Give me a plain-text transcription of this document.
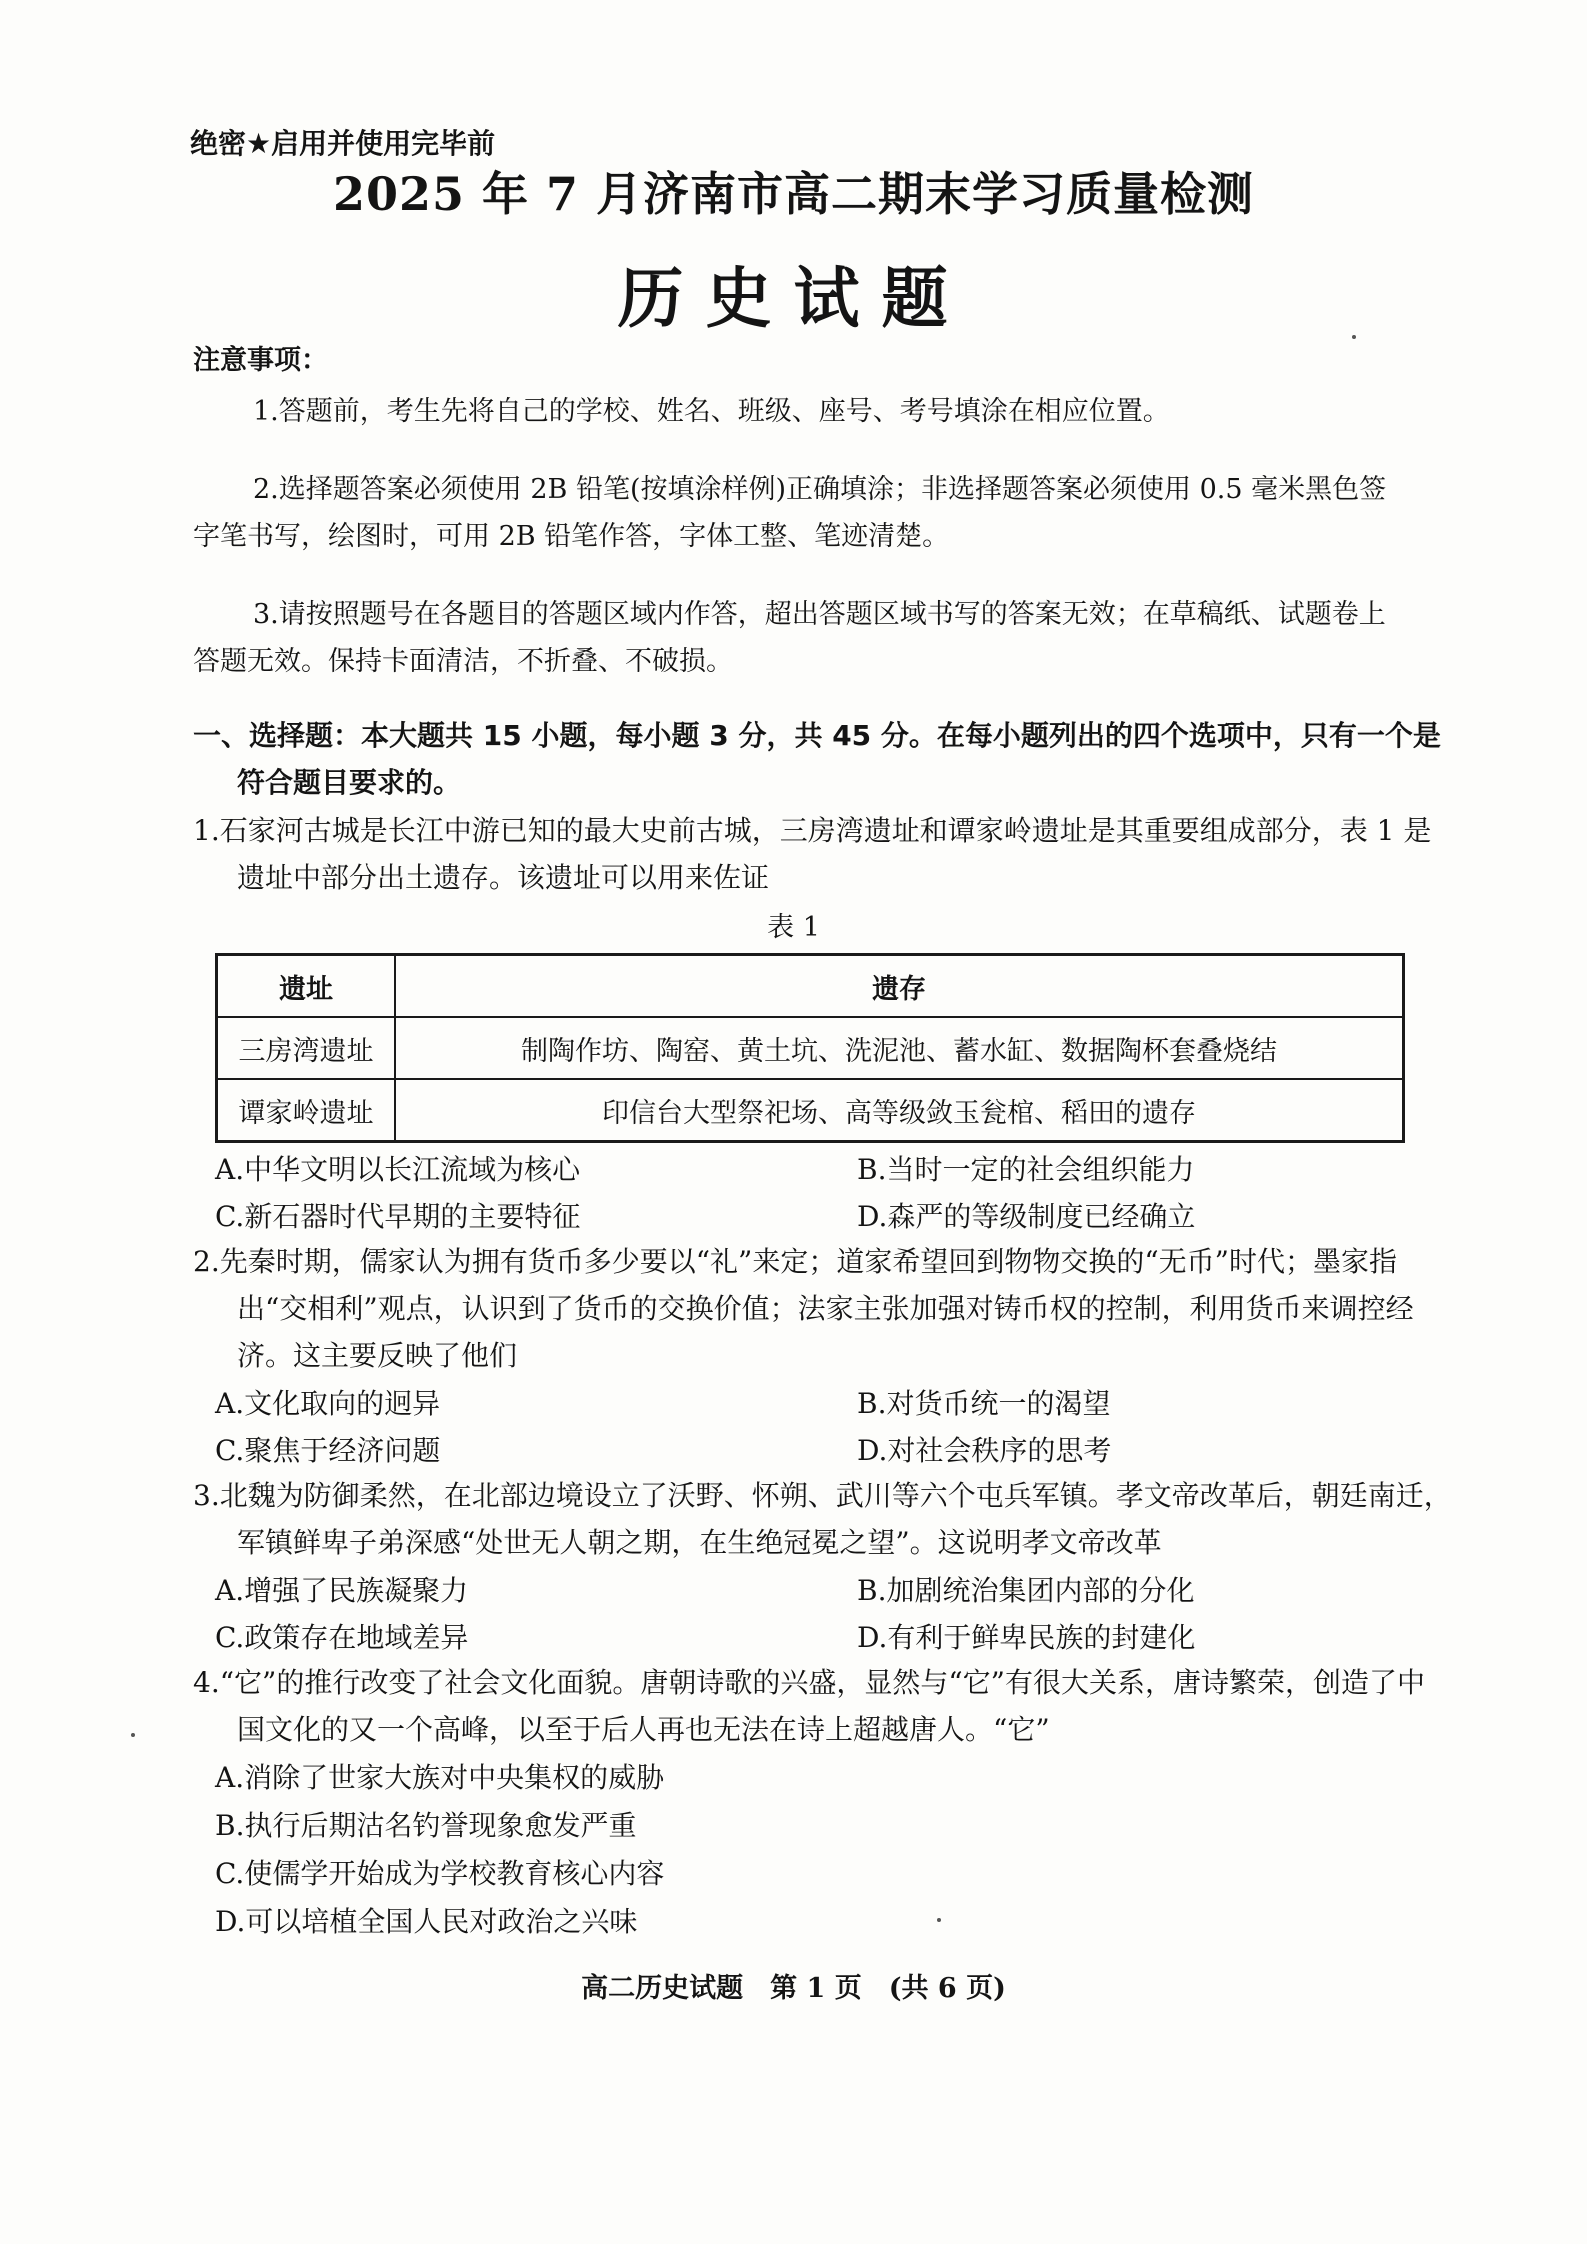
绝密★启用并使用完毕前
2025 年 7 月济南市高二期末学习质量检测
历史试题
注意事项：
1.答题前，考生先将自己的学校、姓名、班级、座号、考号填涂在相应位置。
2.选择题答案必须使用 2B 铅笔(按填涂样例)正确填涂；非选择题答案必须使用 0.5 毫米黑色签字笔书写，绘图时，可用 2B 铅笔作答，字体工整、笔迹清楚。
3.请按照题号在各题目的答题区域内作答，超出答题区域书写的答案无效；在草稿纸、试题卷上答题无效。保持卡面清洁，不折叠、不破损。
一、选择题：本大题共 15 小题，每小题 3 分，共 45 分。在每小题列出的四个选项中，只有一个是符合题目要求的。
1.石家河古城是长江中游已知的最大史前古城，三房湾遗址和谭家岭遗址是其重要组成部分，表 1 是遗址中部分出土遗存。该遗址可以用来佐证
表 1
遗址	遗存
三房湾遗址	制陶作坊、陶窑、黄土坑、洗泥池、蓄水缸、数据陶杯套叠烧结
谭家岭遗址	印信台大型祭祀场、高等级敛玉瓮棺、稻田的遗存
A.中华文明以长江流域为核心	B.当时一定的社会组织能力
C.新石器时代早期的主要特征	D.森严的等级制度已经确立
2.先秦时期，儒家认为拥有货币多少要以“礼”来定；道家希望回到物物交换的“无币”时代；墨家指出“交相利”观点，认识到了货币的交换价值；法家主张加强对铸币权的控制，利用货币来调控经济。这主要反映了他们
A.文化取向的迥异	B.对货币统一的渴望
C.聚焦于经济问题	D.对社会秩序的思考
3.北魏为防御柔然，在北部边境设立了沃野、怀朔、武川等六个屯兵军镇。孝文帝改革后，朝廷南迁，军镇鲜卑子弟深感“处世无人朝之期，在生绝冠冕之望”。这说明孝文帝改革
A.增强了民族凝聚力	B.加剧统治集团内部的分化
C.政策存在地域差异	D.有利于鲜卑民族的封建化
4.“它”的推行改变了社会文化面貌。唐朝诗歌的兴盛，显然与“它”有很大关系，唐诗繁荣，创造了中国文化的又一个高峰，以至于后人再也无法在诗上超越唐人。“它”
A.消除了世家大族对中央集权的威胁
B.执行后期沽名钓誉现象愈发严重
C.使儒学开始成为学校教育核心内容
D.可以培植全国人民对政治之兴味
高二历史试题　第 1 页　(共 6 页)
